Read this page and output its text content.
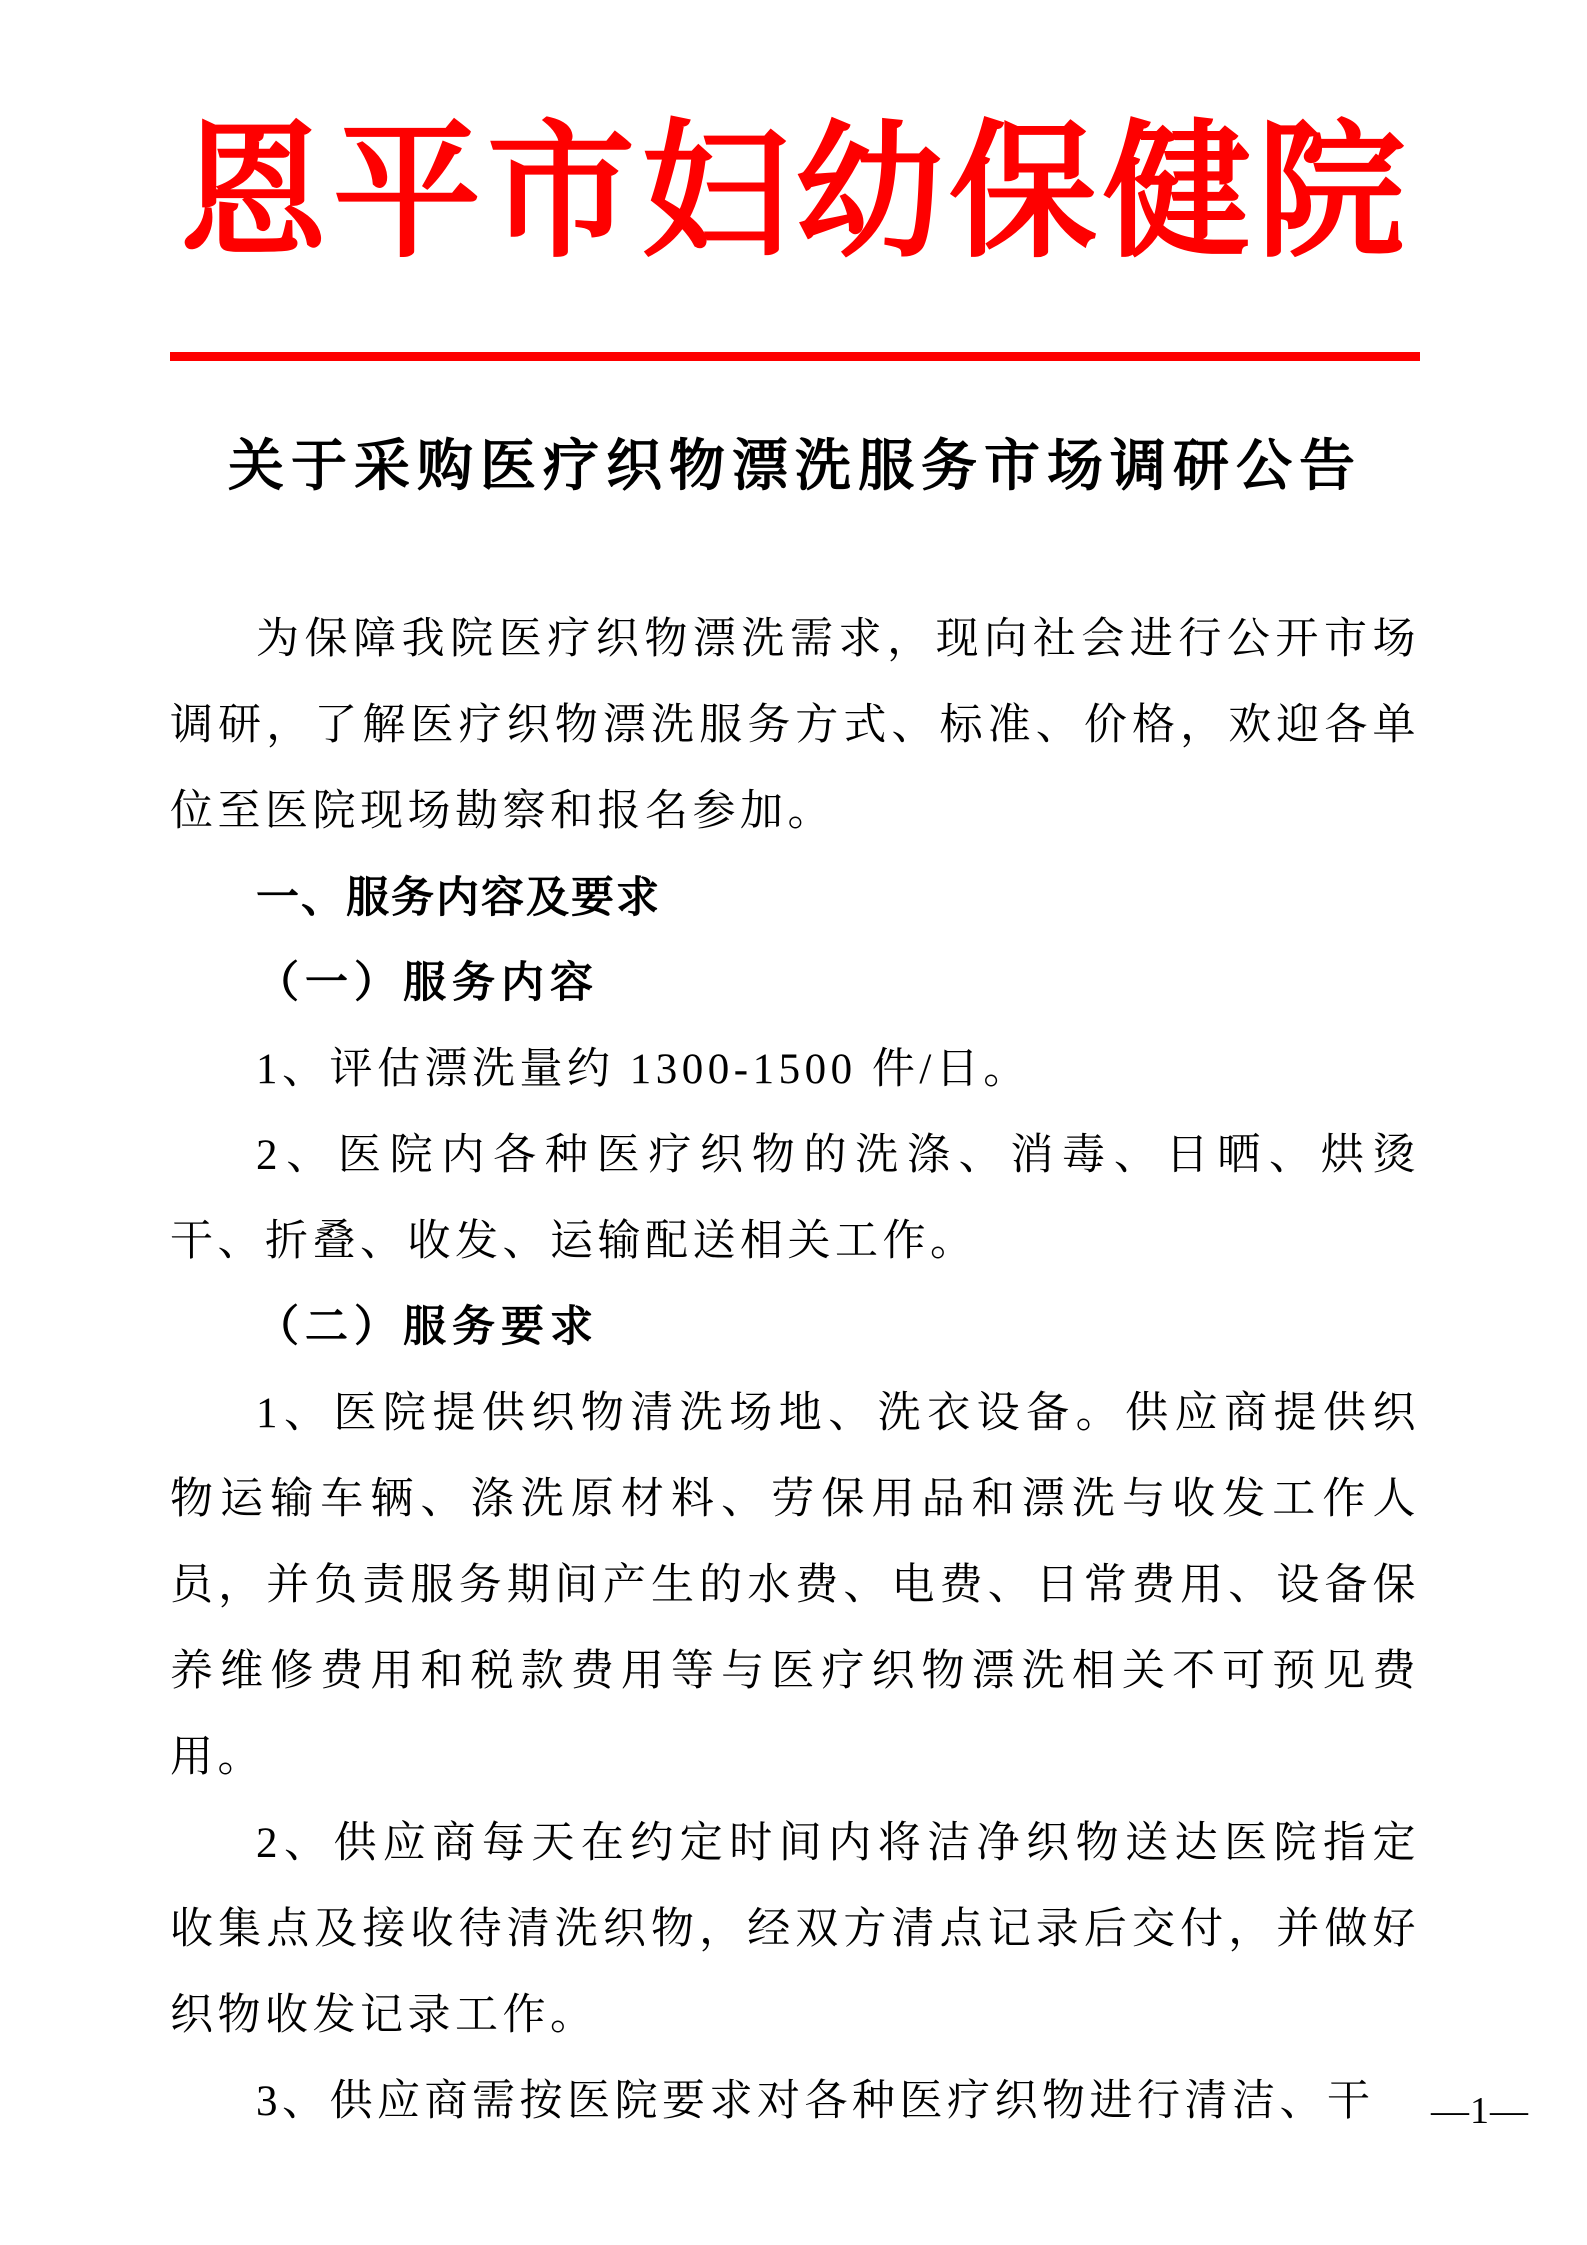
恩平市妇幼保健院
关于采购医疗织物漂洗服务市场调研公告

为保障我院医疗织物漂洗需求，现向社会进行公开市场调研，了解医疗织物漂洗服务方式、标准、价格，欢迎各单位至医院现场勘察和报名参加。

一、服务内容及要求

（一）服务内容

1、评估漂洗量约 1300-1500 件/日。

2、医院内各种医疗织物的洗涤、消毒、日晒、烘烫干、折叠、收发、运输配送相关工作。

（二）服务要求

1、医院提供织物清洗场地、洗衣设备。供应商提供织物运输车辆、涤洗原材料、劳保用品和漂洗与收发工作人员，并负责服务期间产生的水费、电费、日常费用、设备保养维修费用和税款费用等与医疗织物漂洗相关不可预见费用。

2、供应商每天在约定时间内将洁净织物送达医院指定收集点及接收待清洗织物，经双方清点记录后交付，并做好织物收发记录工作。

3、供应商需按医院要求对各种医疗织物进行清洁、干	—1—
